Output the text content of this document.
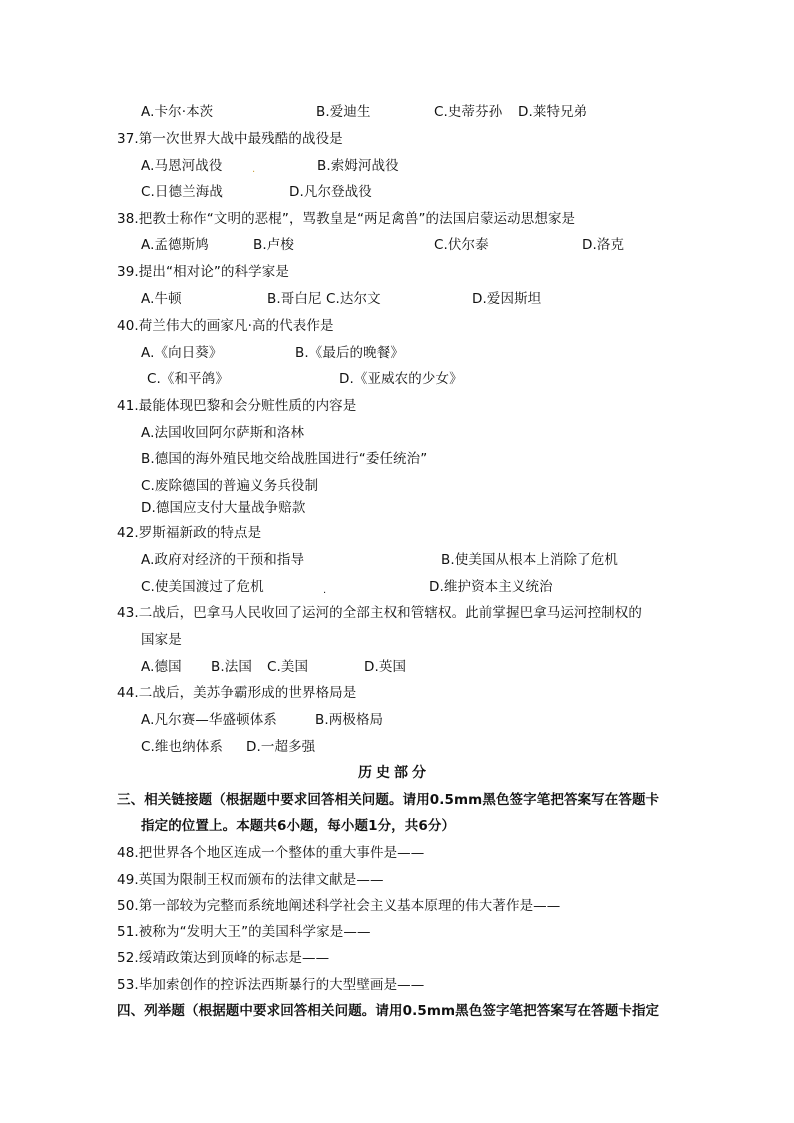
A.卡尔·本茨	B.爱迪生	C.史蒂芬孙 D.莱特兄弟
37.第一次世界大战中最残酷的战役是
A.马恩河战役	.	B.索姆河战役
C.日德兰海战	D.凡尔登战役
38.把教士称作“文明的恶棍”，骂教皇是“两足禽兽”的法国启蒙运动思想家是
A.孟德斯鸠	B.卢梭	C.伏尔泰	D.洛克
39.提出“相对论”的科学家是
A.牛顿	B.哥白尼 C.达尔文	D.爱因斯坦
40.荷兰伟大的画家凡·高的代表作是
A.《向日葵》	B.《最后的晚餐》
C.《和平鸽》	D.《亚威农的少女》
41.最能体现巴黎和会分赃性质的内容是
A.法国收回阿尔萨斯和洛林
B.德国的海外殖民地交给战胜国进行“委任统治”
C.废除德国的普遍义务兵役制
D.德国应支付大量战争赔款
42.罗斯福新政的特点是
A.政府对经济的干预和指导	B.使美国从根本上消除了危机
C.使美国渡过了危机	.	D.维护资本主义统治
43.二战后，巴拿马人民收回了运河的全部主权和管辖权。此前掌握巴拿马运河控制权的
国家是
A.德国 B.法国 C.美国	D.英国
44.二战后，美苏争霸形成的世界格局是
A.凡尔赛—华盛顿体系	B.两极格局
C.维也纳体系 D.一超多强
历史部分
三、相关链接题（根据题中要求回答相关问题。请用0.5mm黑色签字笔把答案写在答题卡
指定的位置上。本题共6小题，每小题1分，共6分）
48.把世界各个地区连成一个整体的重大事件是——
49.英国为限制王权而颁布的法律文献是——
50.第一部较为完整而系统地阐述科学社会主义基本原理的伟大著作是——
51.被称为“发明大王”的美国科学家是——
52.绥靖政策达到顶峰的标志是——
53.毕加索创作的控诉法西斯暴行的大型壁画是——
四、列举题（根据题中要求回答相关问题。请用0.5mm黑色签字笔把答案写在答题卡指定
